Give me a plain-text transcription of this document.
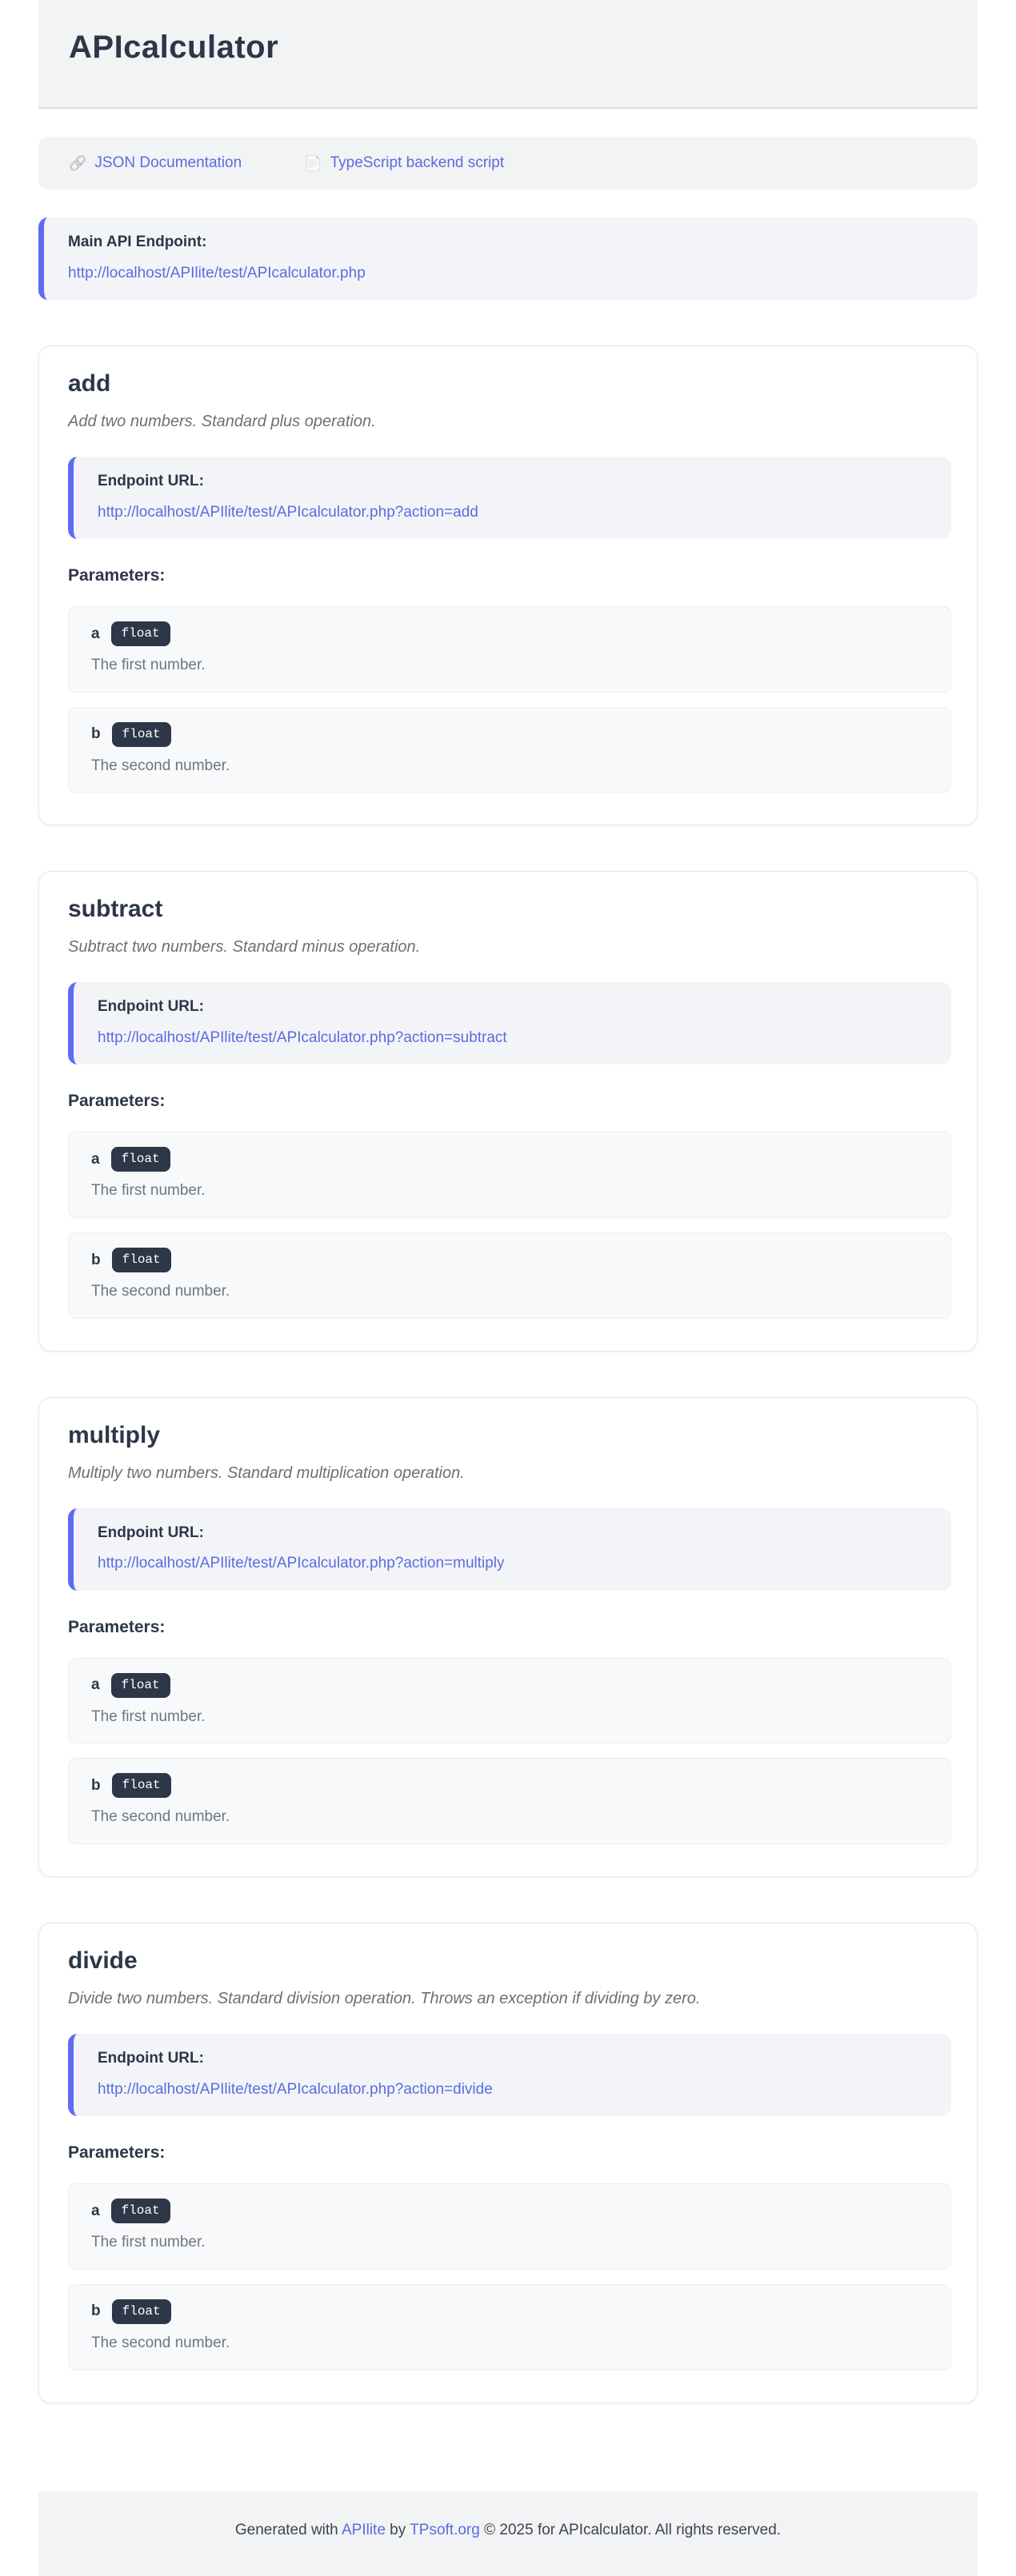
APIcalculator
🔗 JSON Documentation	📄 TypeScript backend script
Main API Endpoint:
http://localhost/APIlite/test/APIcalculator.php
add

Add two numbers. Standard plus operation.

Endpoint URL:
http://localhost/APIlite/test/APIcalculator.php?action=add
Parameters:
a	float
The first number.
b	float
The second number.
subtract

Subtract two numbers. Standard minus operation.

Endpoint URL:
http://localhost/APIlite/test/APIcalculator.php?action=subtract
Parameters:
a	float
The first number.
b	float
The second number.
multiply

Multiply two numbers. Standard multiplication operation.

Endpoint URL:
http://localhost/APIlite/test/APIcalculator.php?action=multiply
Parameters:
a	float
The first number.
b	float
The second number.
divide

Divide two numbers. Standard division operation. Throws an exception if dividing by zero.

Endpoint URL:
http://localhost/APIlite/test/APIcalculator.php?action=divide
Parameters:
a	float
The first number.
b	float
The second number.
Generated with APIlite by TPsoft.org © 2025 for APIcalculator. All rights reserved.
